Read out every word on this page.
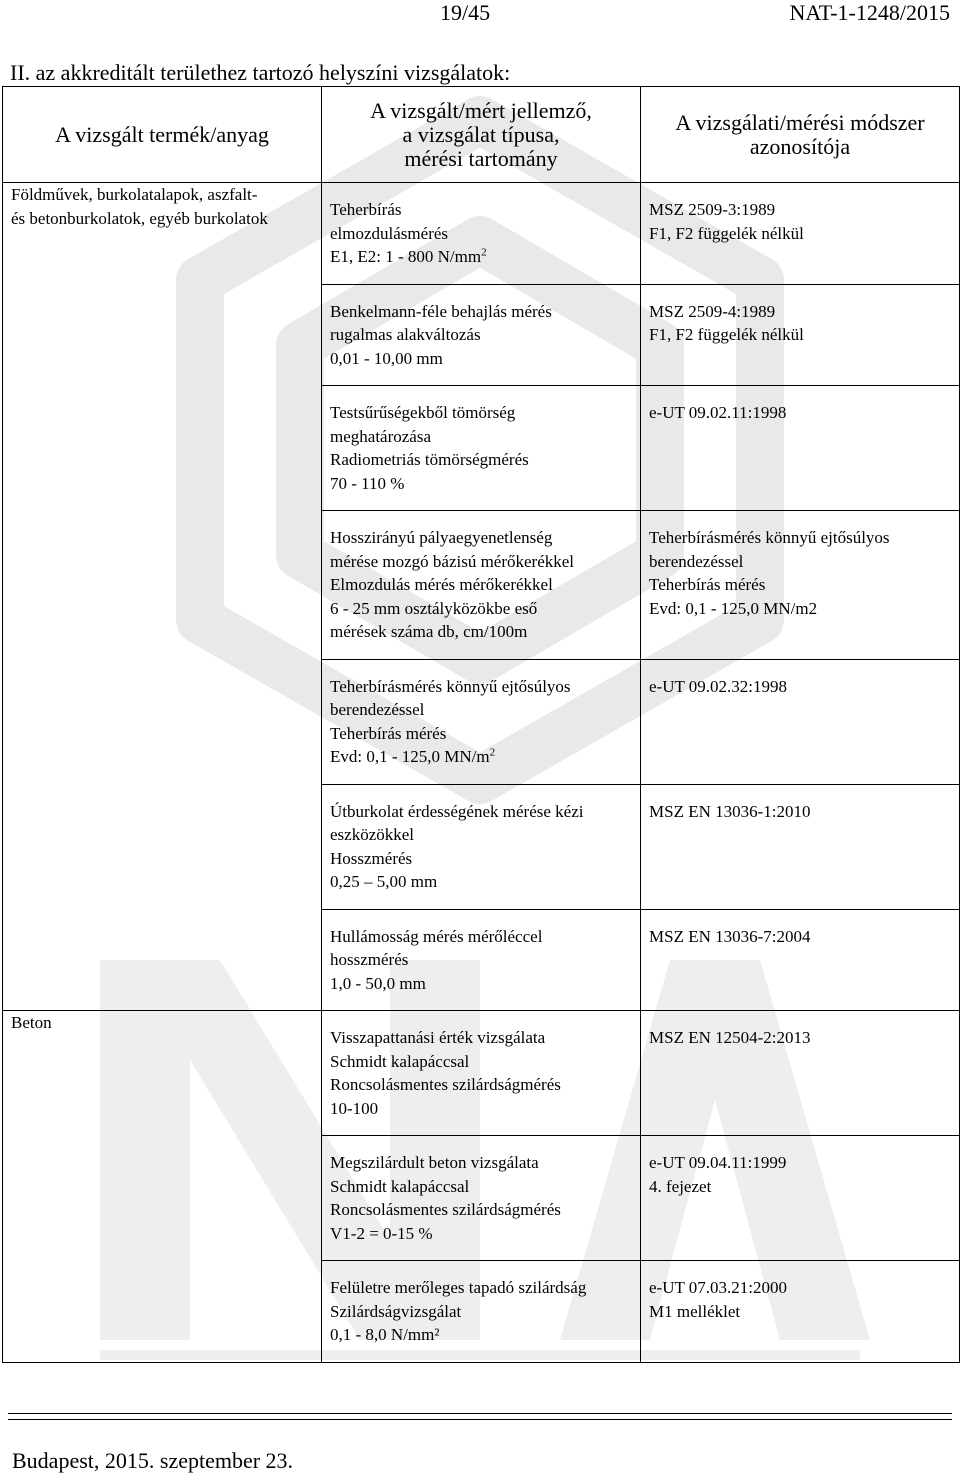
19/45	NAT-1-1248/2015
II. az akkreditált területhez tartozó helyszíni vizsgálatok:
A vizsgált termék/anyag	A vizsgált/mért jellemző,
a vizsgálat típusa,
mérési tartomány	A vizsgálati/mérési módszer
azonosítója

Földművek, burkolatalapok, aszfalt-
és betonburkolatok, egyéb burkolatok	Teherbírás
elmozdulásmérés
E1, E2: 1 - 800 $N/mm^2$	MSZ 2509-3:1989
F1, F2 függelék nélkül

	Benkelmann-féle behajlás mérés
rugalmas alakváltozás
0,01 - 10,00 mm	MSZ 2509-4:1989
F1, F2 függelék nélkül

	Testsűrűségekből tömörség
meghatározása
Radiometriás tömörségmérés
70 - 110 %	e-UT 09.02.11:1998

	Hosszirányú pályaegyenetlenség
mérése mozgó bázisú mérőkerékkel
Elmozdulás mérés mérőkerékkel
6 - 25 mm osztályközökbe eső
mérések száma db, cm/100m	Teherbírásmérés könnyű ejtősúlyos
berendezéssel
Teherbírás mérés
Evd: 0,1 - 125,0 MN/m2

	Teherbírásmérés könnyű ejtősúlyos
berendezéssel
Teherbírás mérés
Evd: 0,1 - 125,0 $MN/m^2$	e-UT 09.02.32:1998

	Útburkolat érdességének mérése kézi
eszközökkel
Hosszmérés
0,25 – 5,00 mm	MSZ EN 13036-1:2010

	Hullámosság mérés mérőléccel
hosszmérés
1,0 - 50,0 mm	MSZ EN 13036-7:2004

Beton	Visszapattanási érték vizsgálata
Schmidt kalapáccsal
Roncsolásmentes szilárdságmérés
10-100	MSZ EN 12504-2:2013

	Megszilárdult beton vizsgálata
Schmidt kalapáccsal
Roncsolásmentes szilárdságmérés
V1-2 = 0-15 %	e-UT 09.04.11:1999
4. fejezet

	Felületre merőleges tapadó szilárdság
Szilárdságvizsgálat
0,1 - 8,0 N/mm²	e-UT 07.03.21:2000
M1 melléklet
Budapest, 2015. szeptember 23.
